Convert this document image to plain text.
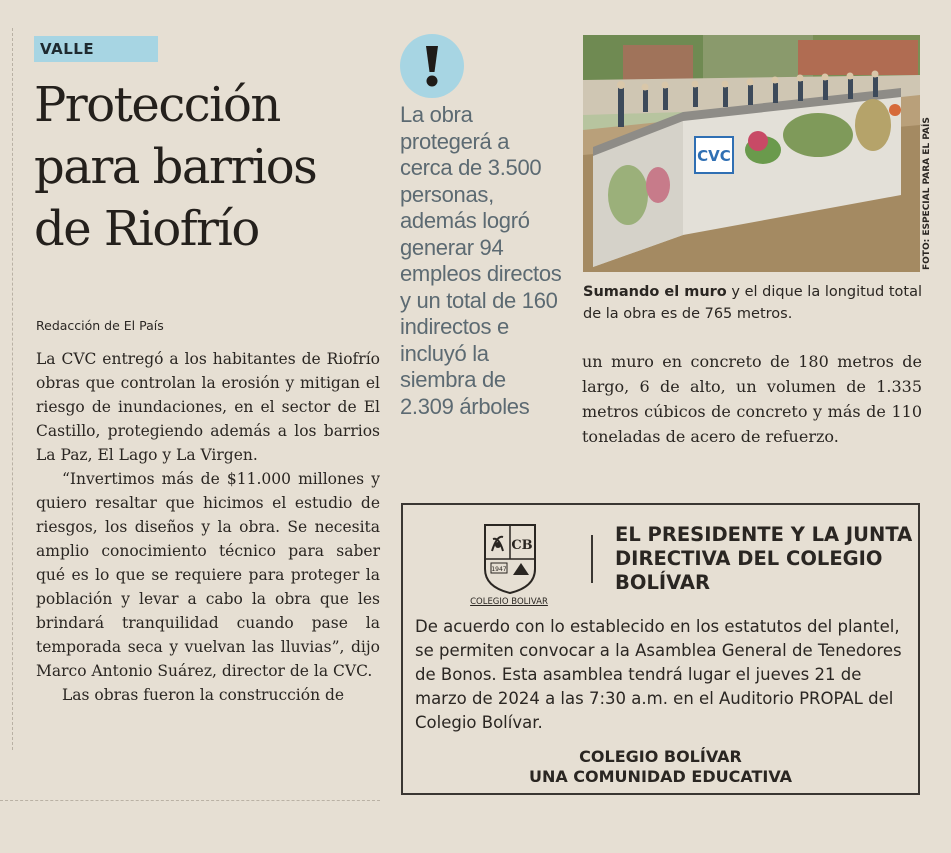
VALLE
Protección para barrios de Riofrío
Redacción de El País

La CVC entregó a los habitantes de Riofrío obras que controlan la erosión y mitigan el riesgo de inundaciones, en el sector de El Castillo, protegiendo además a los barrios La Paz, El Lago y La Virgen.

“Invertimos más de $11.000 millones y quiero resaltar que hicimos el estudio de riesgos, los diseños y la obra. Se necesita amplio conocimiento técnico para saber qué es lo que se requiere para proteger la población y levar a cabo la obra que les brindará tranquilidad cuando pase la temporada seca y vuelvan las lluvias”, dijo Marco Antonio Suárez, director de la CVC.

Las obras fueron la construcción de

La obra protegerá a cerca de 3.500 personas, además logró generar 94 empleos directos y un total de 160 indirectos e incluyó la siembra de 2.309 árboles

CVC	FOTO: ESPECIAL PARA EL PAÍS

Sumando el muro y el dique la longitud total de la obra es de 765 metros.

un muro en concreto de 180 metros de largo, 6 de alto, un volumen de 1.335 metros cúbicos de concreto y más de 110 toneladas de acero de refuerzo.

CB
1947
COLEGIO BOLIVAR
EL PRESIDENTE Y LA JUNTA DIRECTIVA DEL COLEGIO BOLÍVAR

De acuerdo con lo establecido en los estatutos del plantel, se permiten convocar a la Asamblea General de Tenedores de Bonos. Esta asamblea tendrá lugar el jueves 21 de marzo de 2024 a las 7:30 a.m. en el Auditorio PROPAL del Colegio Bolívar.

COLEGIO BOLÍVAR
UNA COMUNIDAD EDUCATIVA
